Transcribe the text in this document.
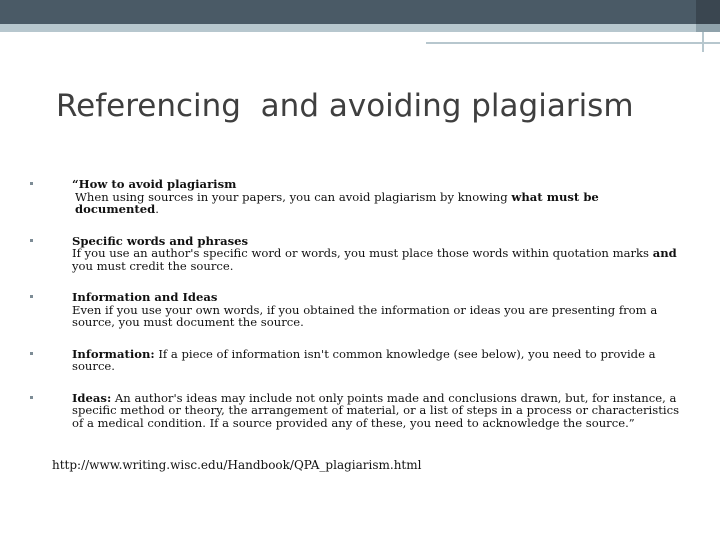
Referencing  and avoiding plagiarism
“How to avoid plagiarism
When using sources in your papers, you can avoid plagiarism by knowing what must be documented.
Specific words and phrases
If you use an author's specific word or words, you must place those words within quotation marks and you must credit the source.
Information and Ideas
Even if you use your own words, if you obtained the information or ideas you are presenting from a source, you must document the source.
Information: If a piece of information isn't common knowledge (see below), you need to provide a source.
Ideas: An author's ideas may include not only points made and conclusions drawn, but, for instance, a specific method or theory, the arrangement of material, or a list of steps in a process or characteristics of a medical condition. If a source provided any of these, you need to acknowledge the source.”
http://www.writing.wisc.edu/Handbook/QPA_plagiarism.html
